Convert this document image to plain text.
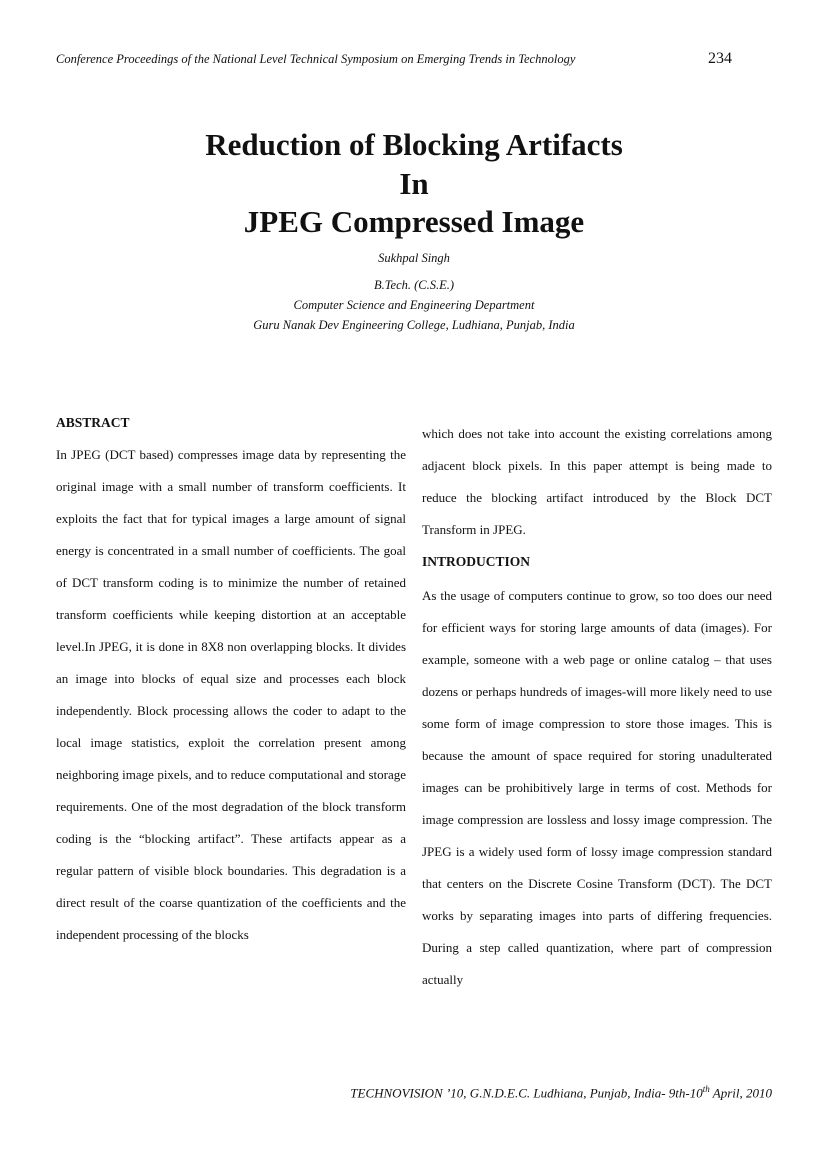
Conference Proceedings of the National Level Technical Symposium on Emerging Trends in Technology	234
Reduction of Blocking Artifacts
In
JPEG Compressed Image
Sukhpal Singh
B.Tech. (C.S.E.)
Computer Science and Engineering Department
Guru Nanak Dev Engineering College, Ludhiana, Punjab, India

ABSTRACT

In JPEG (DCT based) compresses image data by representing the original image with a small number of transform coefficients. It exploits the fact that for typical images a large amount of signal energy is concentrated in a small number of coefficients. The goal of DCT transform coding is to minimize the number of retained transform coefficients while keeping distortion at an acceptable level.In JPEG, it is done in 8X8 non overlapping blocks. It divides an image into blocks of equal size and processes each block independently. Block processing allows the coder to adapt to the local image statistics, exploit the correlation present among neighboring image pixels, and to reduce computational and storage requirements. One of the most degradation of the block transform coding is the “blocking artifact”. These artifacts appear as a regular pattern of visible block boundaries. This degradation is a direct result of the coarse quantization of the coefficients and the independent processing of the blocks

which does not take into account the existing correlations among adjacent block pixels. In this paper attempt is being made to reduce the blocking artifact introduced by the Block DCT Transform in JPEG.

INTRODUCTION

As the usage of computers continue to grow, so too does our need for efficient ways for storing large amounts of data (images). For example, someone with a web page or online catalog – that uses dozens or perhaps hundreds of images-will more likely need to use some form of image compression to store those images. This is because the amount of space required for storing unadulterated images can be prohibitively large in terms of cost. Methods for image compression are lossless and lossy image compression. The JPEG is a widely used form of lossy image compression standard that centers on the Discrete Cosine Transform (DCT). The DCT works by separating images into parts of differing frequencies. During a step called quantization, where part of compression actually

TECHNOVISION ’10, G.N.D.E.C. Ludhiana, Punjab, India- 9th-10th April, 2010
